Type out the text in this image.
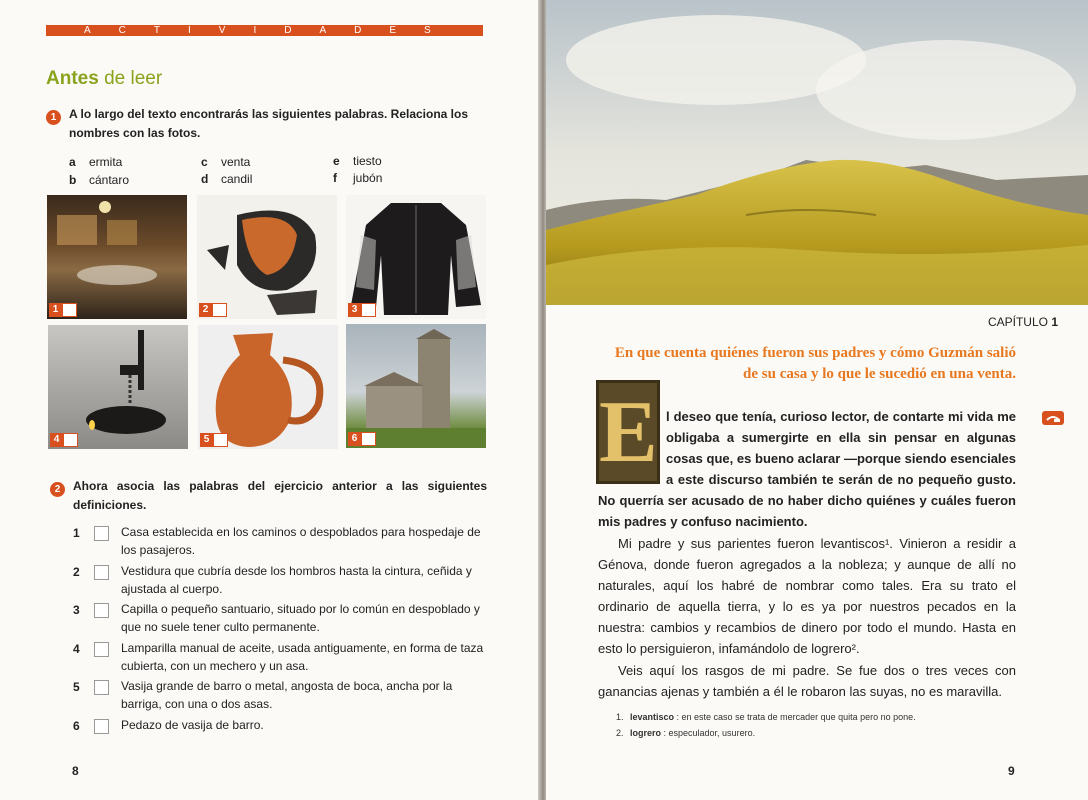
ACTIVIDADES
Antes de leer
1	A lo largo del texto encontrarás las siguientes palabras. Relaciona los nombres con las fotos.
a ermita
b cántaro
c venta
d candil
e tiesto
f jubón
1	2	3
4	5	6
2	Ahora asocia las palabras del ejercicio anterior a las siguientes definiciones.
1	Casa establecida en los caminos o despoblados para hospedaje de los pasajeros.
2	Vestidura que cubría desde los hombros hasta la cintura, ceñida y ajustada al cuerpo.
3	Capilla o pequeño santuario, situado por lo común en despoblado y que no suele tener culto permanente.
4	Lamparilla manual de aceite, usada antiguamente, en forma de taza cubierta, con un mechero y un asa.
5	Vasija grande de barro o metal, angosta de boca, ancha por la barriga, con una o dos asas.
6	Pedazo de vasija de barro.
8
CAPÍTULO 1
En que cuenta quiénes fueron sus padres y cómo Guzmán salió de su casa y lo que le sucedió en una venta.
E l deseo que tenía, curioso lector, de contarte mi vida me obligaba a sumergirte en ella sin pensar en algunas cosas que, es bueno aclarar —porque siendo esenciales a este discurso también te serán de no pequeño gusto. No querría ser acusado de no haber dicho quiénes y cuáles fueron mis padres y confuso nacimiento.
Mi padre y sus parientes fueron levantiscos¹. Vinieron a residir a Génova, donde fueron agregados a la nobleza; y aunque de allí no naturales, aquí los habré de nombrar como tales. Era su trato el ordinario de aquella tierra, y lo es ya por nuestros pecados en la nuestra: cambios y recambios de dinero por todo el mundo. Hasta en esto lo persiguieron, infamándolo de logrero².
Veis aquí los rasgos de mi padre. Se fue dos o tres veces con ganancias ajenas y también a él le robaron las suyas, no es maravilla.
1. levantisco : en este caso se trata de mercader que quita pero no pone.
2. logrero : especulador, usurero.
9
